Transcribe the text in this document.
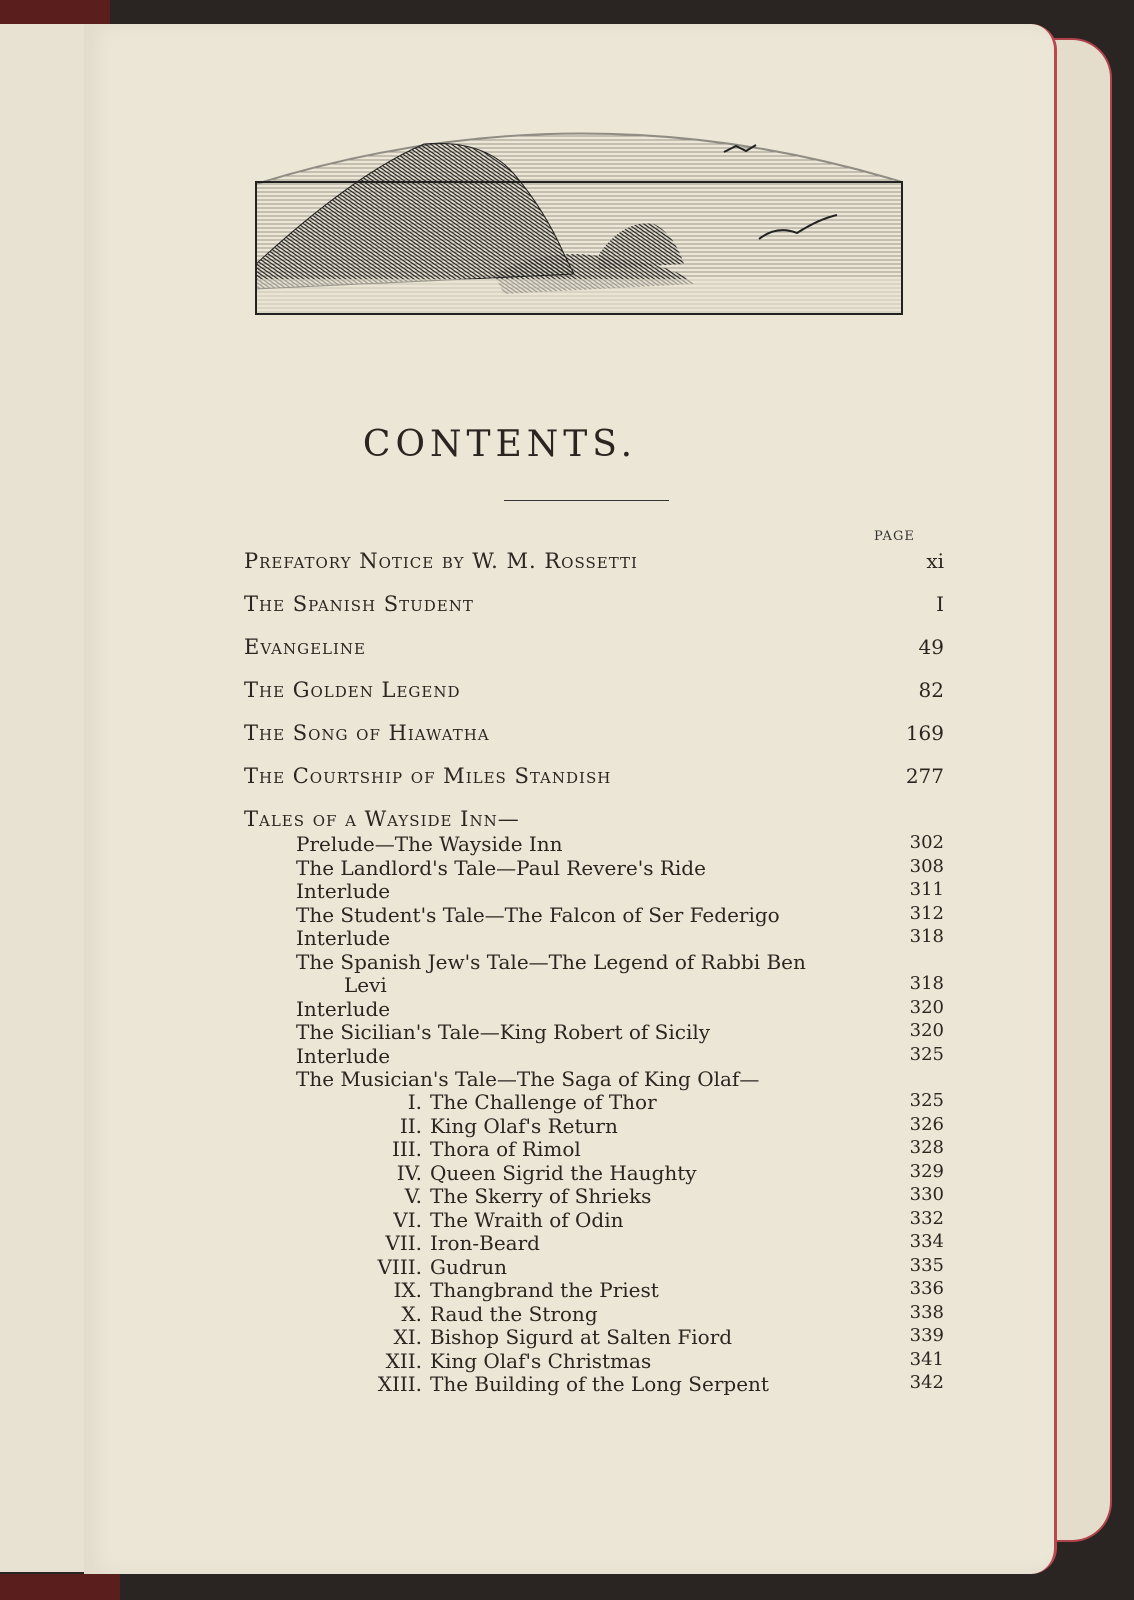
CONTENTS.
PAGE
Prefatory Notice by W. M. Rossetti	xi
The Spanish Student	I
Evangeline	49
The Golden Legend	82
The Song of Hiawatha	169
The Courtship of Miles Standish	277
Tales of a Wayside Inn—
Prelude—The Wayside Inn	302
The Landlord's Tale—Paul Revere's Ride	308
Interlude	311
The Student's Tale—The Falcon of Ser Federigo	312
Interlude	318
The Spanish Jew's Tale—The Legend of Rabbi Ben
Levi	318
Interlude	320
The Sicilian's Tale—King Robert of Sicily	320
Interlude	325
The Musician's Tale—The Saga of King Olaf—
I. The Challenge of Thor	325
II. King Olaf's Return	326
III. Thora of Rimol	328
IV. Queen Sigrid the Haughty	329
V. The Skerry of Shrieks	330
VI. The Wraith of Odin	332
VII. Iron-Beard	334
VIII. Gudrun	335
IX. Thangbrand the Priest	336
X. Raud the Strong	338
XI. Bishop Sigurd at Salten Fiord	339
XII. King Olaf's Christmas	341
XIII. The Building of the Long Serpent	342
